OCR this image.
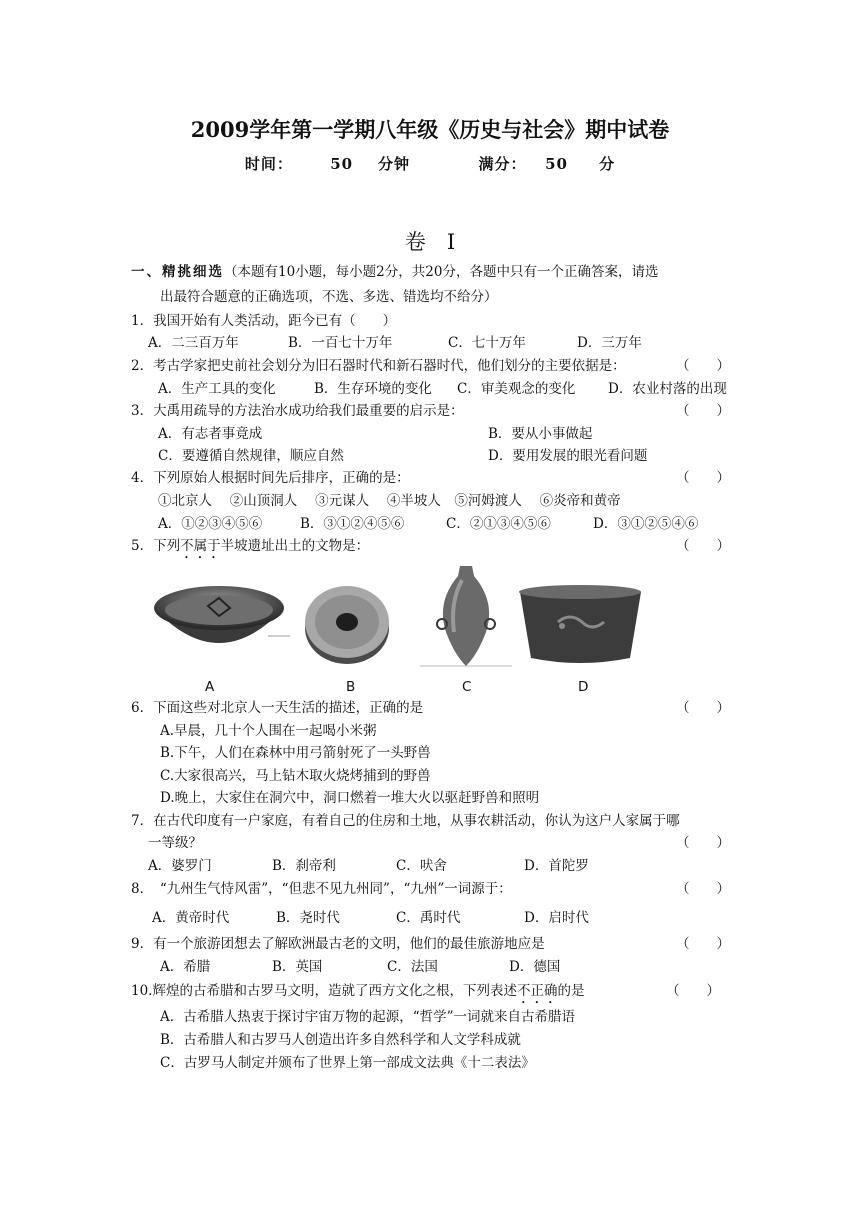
2009学年第一学期八年级《历史与社会》期中试卷
时间： 50 分钟	满分： 50 分
卷　I
一、精挑细选（本题有10小题，每小题2分，共20分，各题中只有一个正确答案，请选
出最符合题意的正确选项，不选、多选、错选均不给分）
1．我国开始有人类活动，距今已有（　　）
A．二三百万年	B．一百七十万年	C．七十万年	D．三万年
2．考古学家把史前社会划分为旧石器时代和新石器时代，他们划分的主要依据是：	（　　）
A．生产工具的变化	B．生存环境的变化 C．审美观念的变化 D．农业村落的出现
3．大禹用疏导的方法治水成功给我们最重要的启示是：	（　　）
A．有志者事竟成	B．要从小事做起
C．要遵循自然规律，顺应自然	D．要用发展的眼光看问题
4．下列原始人根据时间先后排序，正确的是：	（　　）
①北京人　 ②山顶洞人　 ③元谋人　 ④半坡人　⑤河姆渡人　 ⑥炎帝和黄帝
A．①②③④⑤⑥	B．③①②④⑤⑥	C．②①③④⑤⑥	D．③①②⑤④⑥
5．下列不属于半坡遗址出土的文物是：	（　　）
A	B	C	D
6．下面这些对北京人一天生活的描述，正确的是	（　　）
A.早晨，几十个人围在一起喝小米粥
B.下午，人们在森林中用弓箭射死了一头野兽
C.大家很高兴，马上钻木取火烧烤捕到的野兽
D.晚上，大家住在洞穴中，洞口燃着一堆大火以驱赶野兽和照明
7．在古代印度有一户家庭，有着自己的住房和土地，从事农耕活动，你认为这户人家属于哪
一等级？	（　　）
A．婆罗门	B．刹帝利	C．吠舍	D．首陀罗
8．　“九州生气恃风雷”，“但悲不见九州同”，“九州”一词源于：	（　　）
A．黄帝时代	B．尧时代	C．禹时代	D．启时代
9．有一个旅游团想去了解欧洲最古老的文明，他们的最佳旅游地应是	（　　）
A．希腊	B．英国	C．法国	D．德国
10.辉煌的古希腊和古罗马文明，造就了西方文化之根，下列表述不正确的是	（　　）
A．古希腊人热衷于探讨宇宙万物的起源，“哲学”一词就来自古希腊语
B．古希腊人和古罗马人创造出许多自然科学和人文学科成就
C．古罗马人制定并颁布了世界上第一部成文法典《十二表法》
